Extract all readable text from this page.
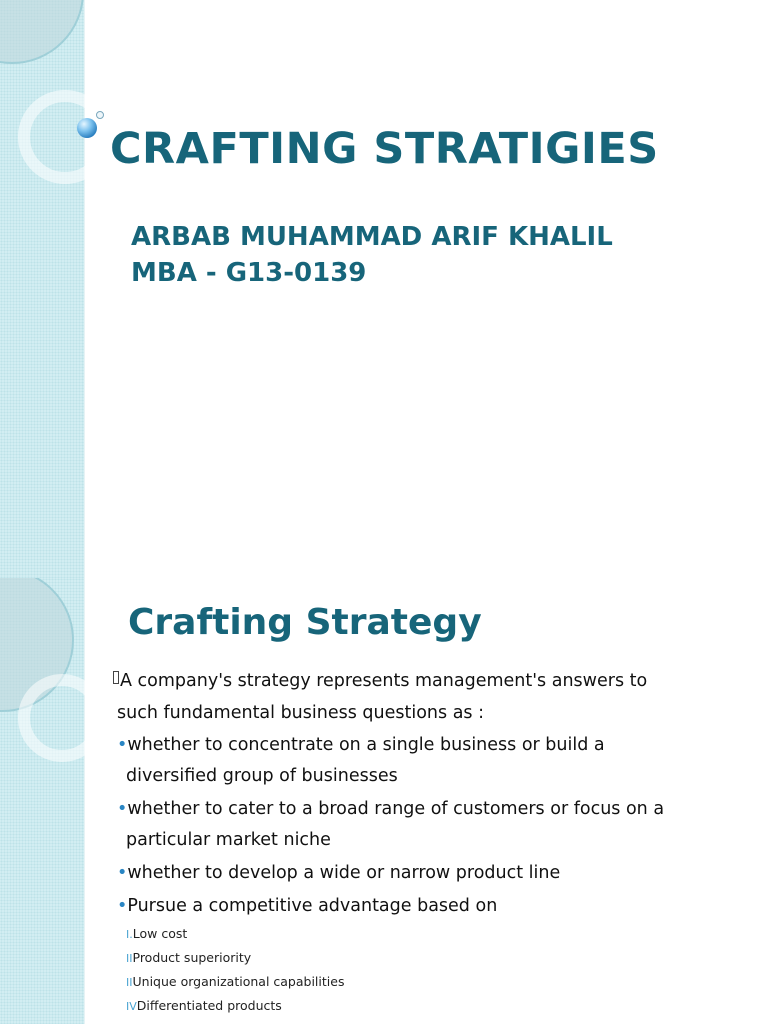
CRAFTING STRATIGIES
ARBAB MUHAMMAD ARIF KHALIL
MBA - G13-0139
Crafting Strategy
A company's strategy represents management's answers to
such fundamental business questions as :
•whether to concentrate on a single business or build a
diversified group of businesses
•whether to cater to a broad range of customers or focus on a
particular market niche
•whether to develop a wide or narrow product line
•Pursue a competitive advantage based on
I.Low cost
IIProduct superiority
IIUnique organizational capabilities
IVDifferentiated products
